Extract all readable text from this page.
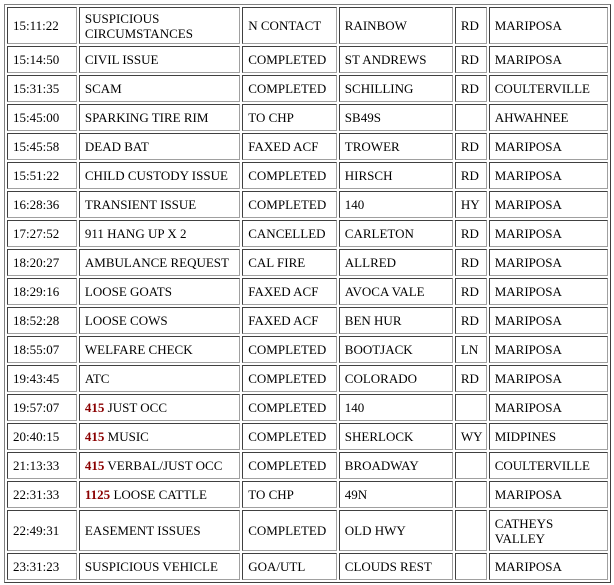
15:11:22	SUSPICIOUS CIRCUMSTANCES	N CONTACT	RAINBOW	RD	MARIPOSA
15:14:50	CIVIL ISSUE	COMPLETED	ST ANDREWS	RD	MARIPOSA
15:31:35	SCAM	COMPLETED	SCHILLING	RD	COULTERVILLE
15:45:00	SPARKING TIRE RIM	TO CHP	SB49S		AHWAHNEE
15:45:58	DEAD BAT	FAXED ACF	TROWER	RD	MARIPOSA
15:51:22	CHILD CUSTODY ISSUE	COMPLETED	HIRSCH	RD	MARIPOSA
16:28:36	TRANSIENT ISSUE	COMPLETED	140	HY	MARIPOSA
17:27:52	911 HANG UP X 2	CANCELLED	CARLETON	RD	MARIPOSA
18:20:27	AMBULANCE REQUEST	CAL FIRE	ALLRED	RD	MARIPOSA
18:29:16	LOOSE GOATS	FAXED ACF	AVOCA VALE	RD	MARIPOSA
18:52:28	LOOSE COWS	FAXED ACF	BEN HUR	RD	MARIPOSA
18:55:07	WELFARE CHECK	COMPLETED	BOOTJACK	LN	MARIPOSA
19:43:45	ATC	COMPLETED	COLORADO	RD	MARIPOSA
19:57:07	415 JUST OCC	COMPLETED	140		MARIPOSA
20:40:15	415 MUSIC	COMPLETED	SHERLOCK	WY	MIDPINES
21:13:33	415 VERBAL/JUST OCC	COMPLETED	BROADWAY		COULTERVILLE
22:31:33	1125 LOOSE CATTLE	TO CHP	49N		MARIPOSA
22:49:31	EASEMENT ISSUES	COMPLETED	OLD HWY		CATHEYS VALLEY
23:31:23	SUSPICIOUS VEHICLE	GOA/UTL	CLOUDS REST		MARIPOSA
